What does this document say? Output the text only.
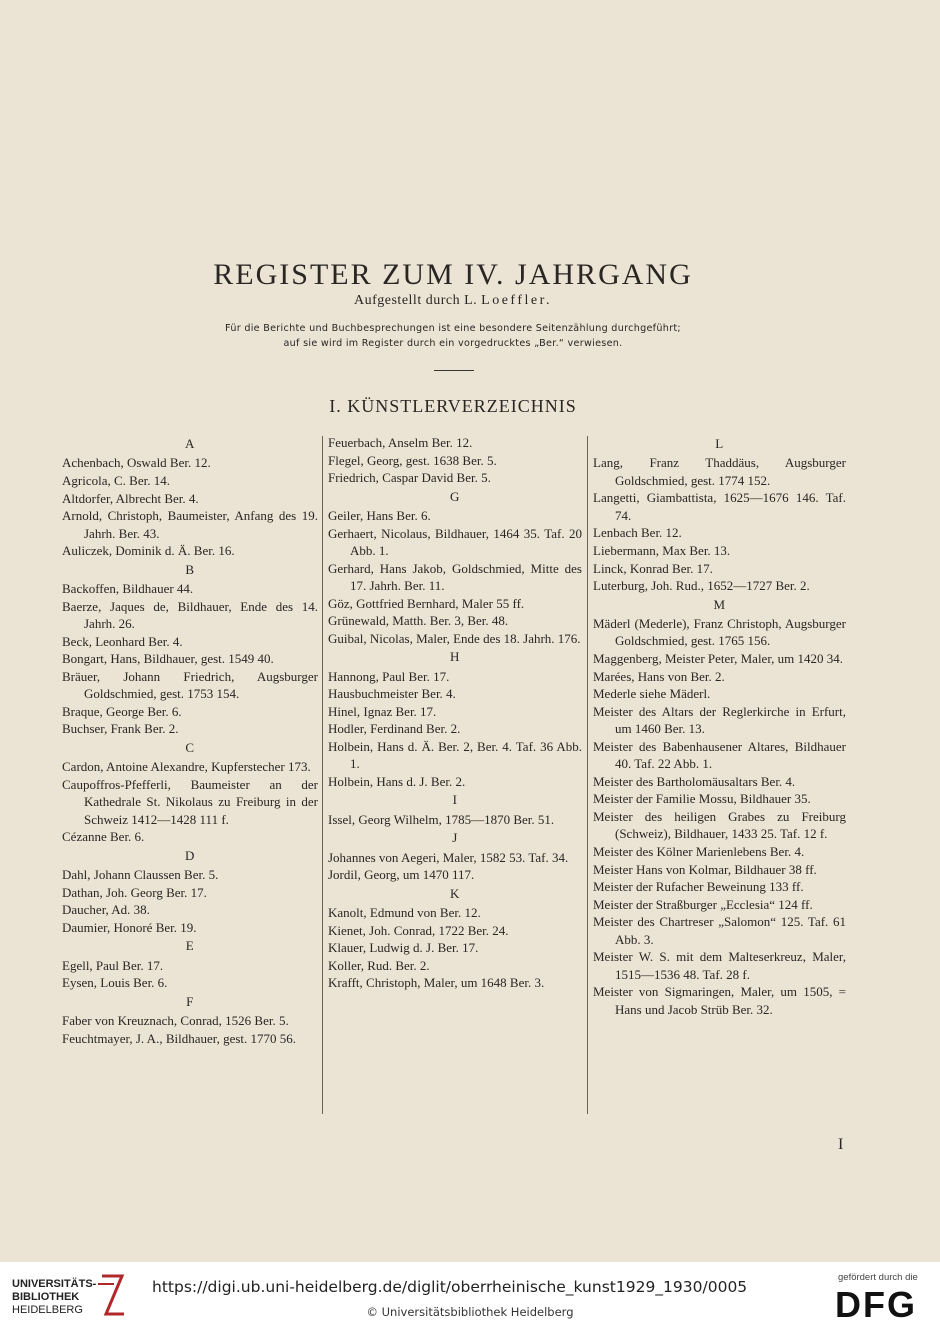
REGISTER ZUM IV. JAHRGANG
Aufgestellt durch L. Loeffler.
Für die Berichte und Buchbesprechungen ist eine besondere Seitenzählung durchgeführt;
auf sie wird im Register durch ein vorgedrucktes „Ber.“ verwiesen.
I. KÜNSTLERVERZEICHNIS
A
Achenbach, Oswald Ber. 12.
Agricola, C. Ber. 14.
Altdorfer, Albrecht Ber. 4.
Arnold, Christoph, Baumeister, Anfang des 19. Jahrh. Ber. 43.
Auliczek, Dominik d. Ä. Ber. 16.
B
Backoffen, Bildhauer 44.
Baerze, Jaques de, Bildhauer, Ende des 14. Jahrh. 26.
Beck, Leonhard Ber. 4.
Bongart, Hans, Bildhauer, gest. 1549 40.
Bräuer, Johann Friedrich, Augsburger Goldschmied, gest. 1753 154.
Braque, George Ber. 6.
Buchser, Frank Ber. 2.
C
Cardon, Antoine Alexandre, Kupferstecher 173.
Caupoffros-Pfefferli, Baumeister an der Kathedrale St. Nikolaus zu Freiburg in der Schweiz 1412—1428 111 f.
Cézanne Ber. 6.
D
Dahl, Johann Claussen Ber. 5.
Dathan, Joh. Georg Ber. 17.
Daucher, Ad. 38.
Daumier, Honoré Ber. 19.
E
Egell, Paul Ber. 17.
Eysen, Louis Ber. 6.
F
Faber von Kreuznach, Conrad, 1526 Ber. 5.
Feuchtmayer, J. A., Bildhauer, gest. 1770 56.
Feuerbach, Anselm Ber. 12.
Flegel, Georg, gest. 1638 Ber. 5.
Friedrich, Caspar David Ber. 5.
G
Geiler, Hans Ber. 6.
Gerhaert, Nicolaus, Bildhauer, 1464 35. Taf. 20 Abb. 1.
Gerhard, Hans Jakob, Goldschmied, Mitte des 17. Jahrh. Ber. 11.
Göz, Gottfried Bernhard, Maler 55 ff.
Grünewald, Matth. Ber. 3, Ber. 48.
Guibal, Nicolas, Maler, Ende des 18. Jahrh. 176.
H
Hannong, Paul Ber. 17.
Hausbuchmeister Ber. 4.
Hinel, Ignaz Ber. 17.
Hodler, Ferdinand Ber. 2.
Holbein, Hans d. Ä. Ber. 2, Ber. 4. Taf. 36 Abb. 1.
Holbein, Hans d. J. Ber. 2.
I
Issel, Georg Wilhelm, 1785—1870 Ber. 51.
J
Johannes von Aegeri, Maler, 1582 53. Taf. 34.
Jordil, Georg, um 1470 117.
K
Kanolt, Edmund von Ber. 12.
Kienet, Joh. Conrad, 1722 Ber. 24.
Klauer, Ludwig d. J. Ber. 17.
Koller, Rud. Ber. 2.
Krafft, Christoph, Maler, um 1648 Ber. 3.
L
Lang, Franz Thaddäus, Augsburger Goldschmied, gest. 1774 152.
Langetti, Giambattista, 1625—1676 146. Taf. 74.
Lenbach Ber. 12.
Liebermann, Max Ber. 13.
Linck, Konrad Ber. 17.
Luterburg, Joh. Rud., 1652—1727 Ber. 2.
M
Mäderl (Mederle), Franz Christoph, Augsburger Goldschmied, gest. 1765 156.
Maggenberg, Meister Peter, Maler, um 1420 34.
Marées, Hans von Ber. 2.
Mederle siehe Mäderl.
Meister des Altars der Reglerkirche in Erfurt, um 1460 Ber. 13.
Meister des Babenhausener Altares, Bildhauer 40. Taf. 22 Abb. 1.
Meister des Bartholomäusaltars Ber. 4.
Meister der Familie Mossu, Bildhauer 35.
Meister des heiligen Grabes zu Freiburg (Schweiz), Bildhauer, 1433 25. Taf. 12 f.
Meister des Kölner Marienlebens Ber. 4.
Meister Hans von Kolmar, Bildhauer 38 ff.
Meister der Rufacher Beweinung 133 ff.
Meister der Straßburger „Ecclesia“ 124 ff.
Meister des Chartreser „Salomon“ 125. Taf. 61 Abb. 3.
Meister W. S. mit dem Malteserkreuz, Maler, 1515—1536 48. Taf. 28 f.
Meister von Sigmaringen, Maler, um 1505, = Hans und Jacob Strüb Ber. 32.
I
UNIVERSITÄTS-
BIBLIOTHEK
HEIDELBERG
https://digi.ub.uni-heidelberg.de/diglit/oberrheinische_kunst1929_1930/0005
© Universitätsbibliothek Heidelberg
gefördert durch die
DFG
